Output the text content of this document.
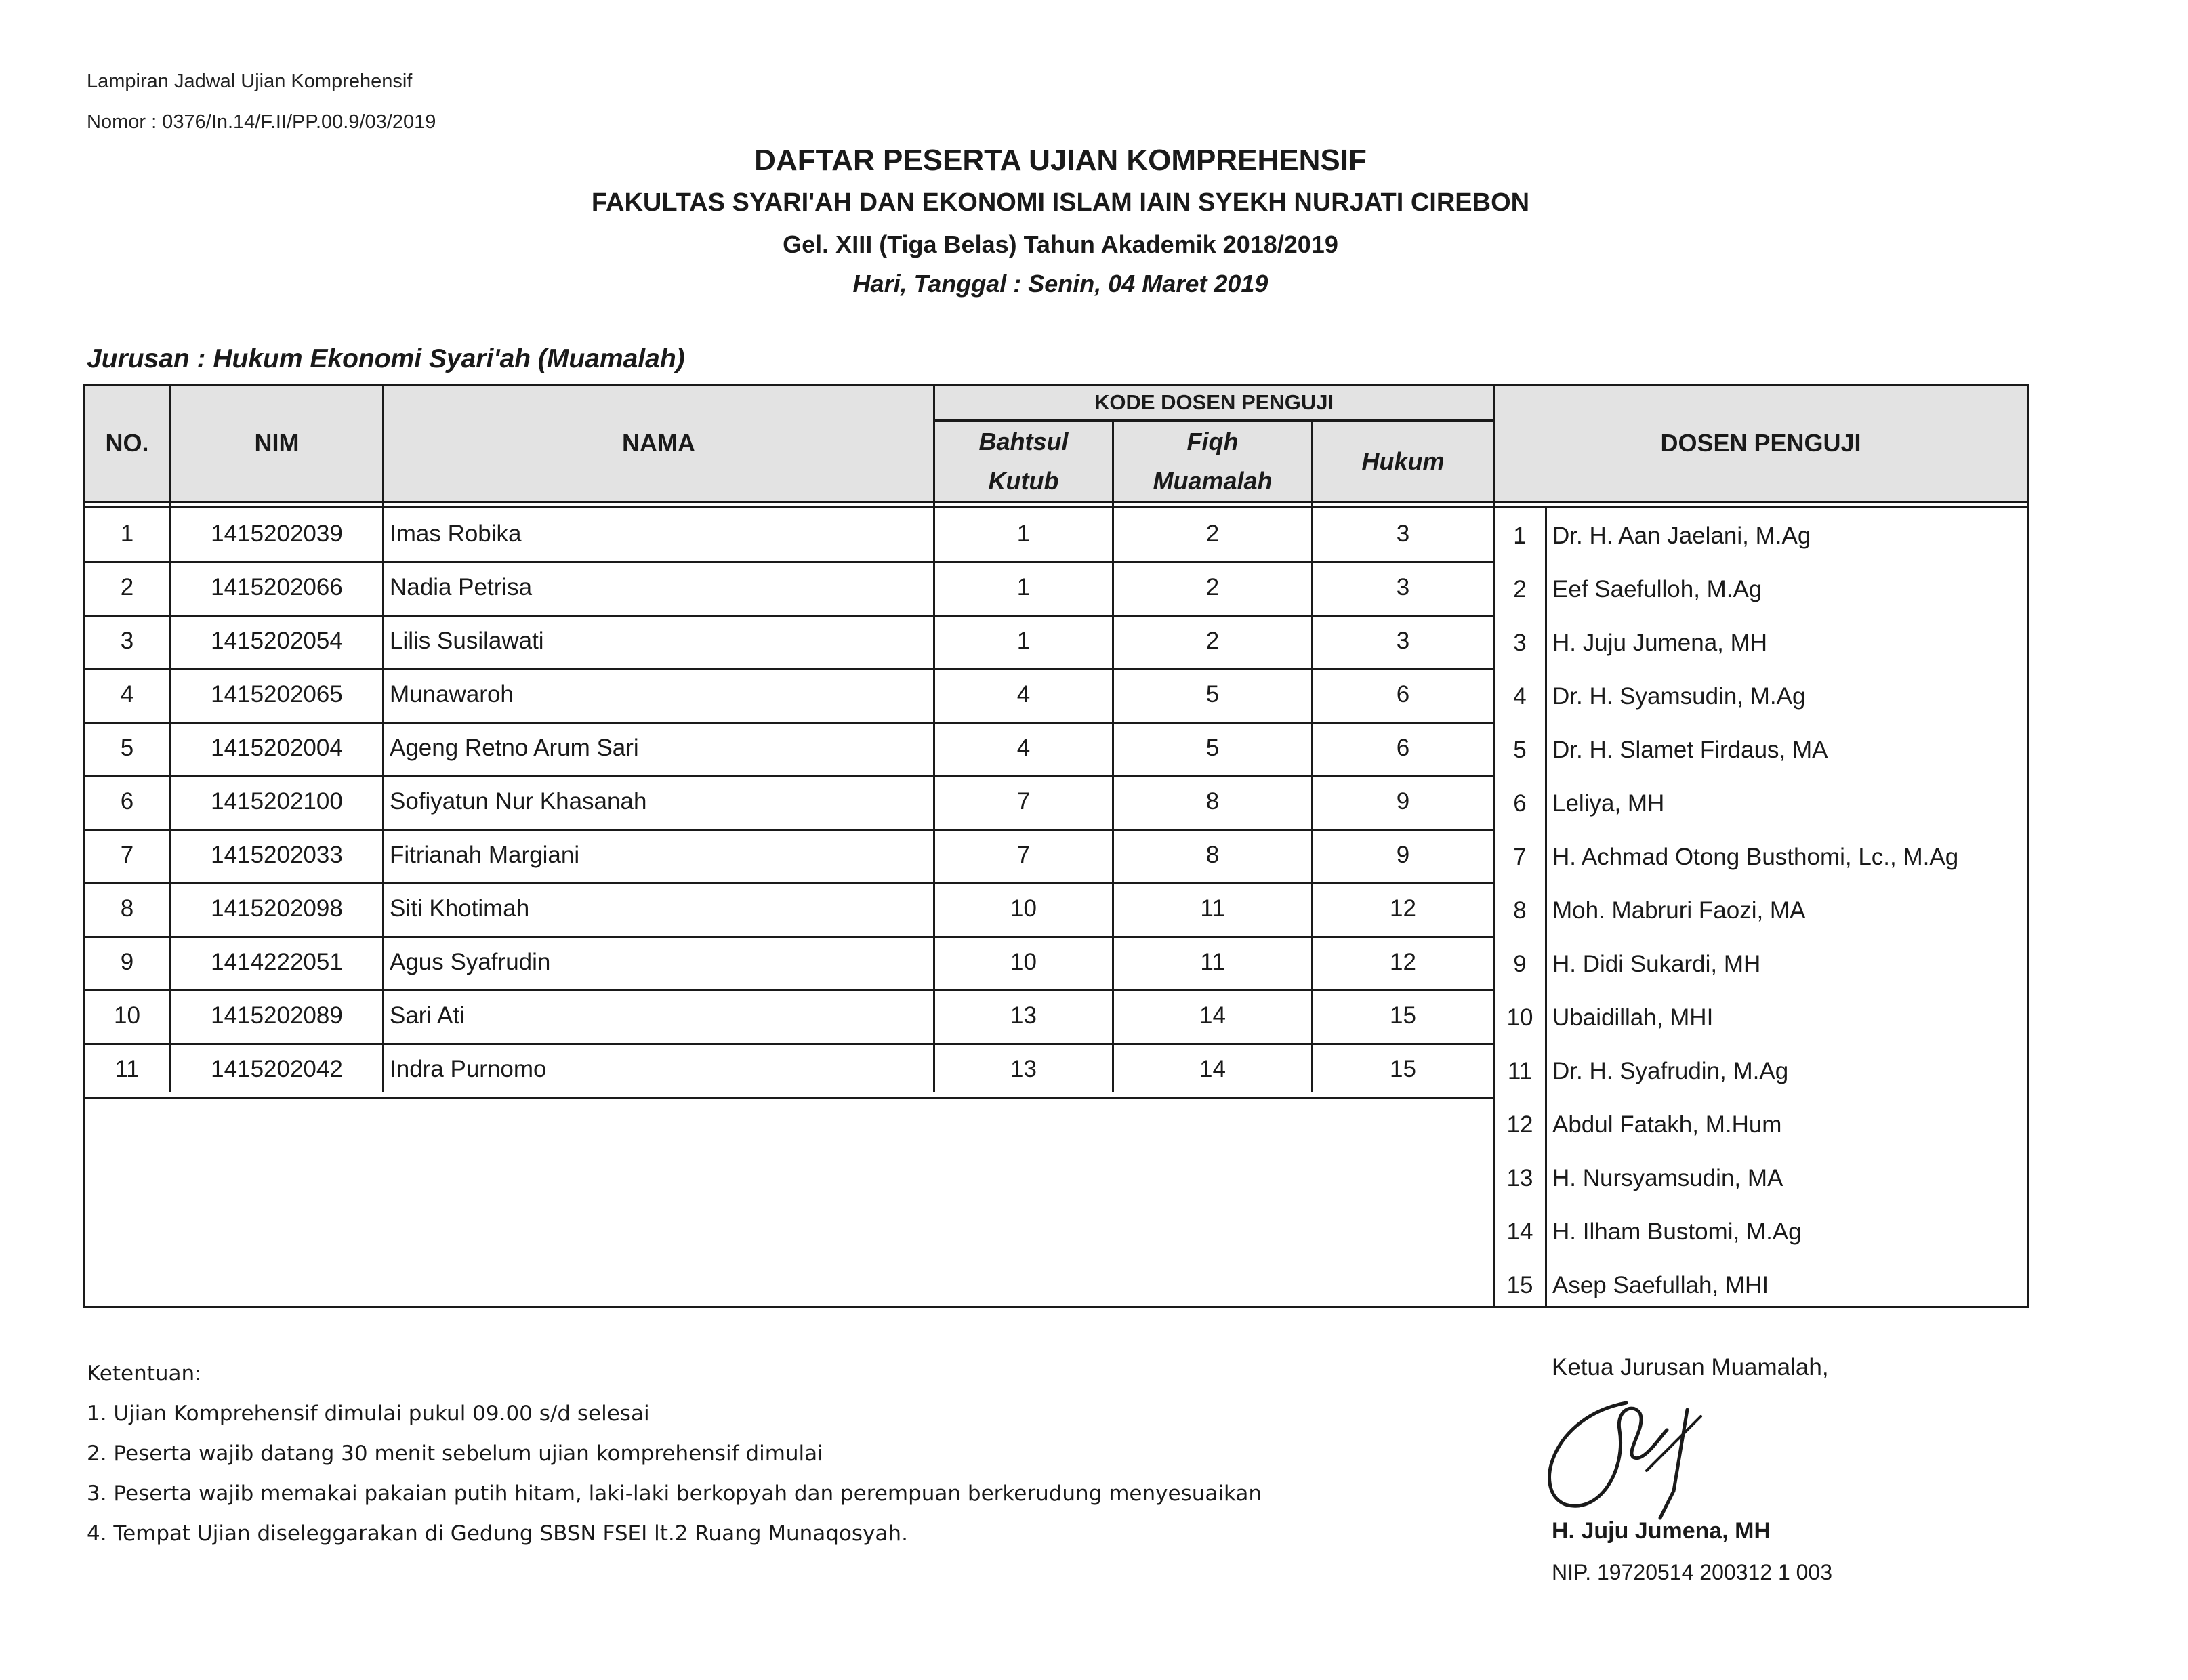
Lampiran Jadwal Ujian Komprehensif
Nomor : 0376/In.14/F.II/PP.00.9/03/2019
DAFTAR PESERTA UJIAN KOMPREHENSIF
FAKULTAS SYARI'AH DAN EKONOMI ISLAM IAIN SYEKH NURJATI CIREBON
Gel. XIII (Tiga Belas) Tahun Akademik 2018/2019
Hari, Tanggal : Senin, 04 Maret 2019
Jurusan : Hukum Ekonomi Syari'ah (Muamalah)
NO.	NIM	NAMA
KODE DOSEN PENGUJI
Bahtsul
Kutub
Fiqh
Muamalah
Hukum
DOSEN PENGUJI
1	1415202039	Imas Robika	1	2	3
2	1415202066	Nadia Petrisa	1	2	3
3	1415202054	Lilis Susilawati	1	2	3
4	1415202065	Munawaroh	4	5	6
5	1415202004	Ageng Retno Arum Sari	4	5	6
6	1415202100	Sofiyatun Nur Khasanah	7	8	9
7	1415202033	Fitrianah Margiani	7	8	9
8	1415202098	Siti Khotimah	10	11	12
9	1414222051	Agus Syafrudin	10	11	12
10	1415202089	Sari Ati	13	14	15
11	1415202042	Indra Purnomo	13	14	15
1	Dr. H. Aan Jaelani, M.Ag
2	Eef Saefulloh, M.Ag
3	H. Juju Jumena, MH
4	Dr. H. Syamsudin, M.Ag
5	Dr. H. Slamet Firdaus, MA
6	Leliya, MH
7	H. Achmad Otong Busthomi, Lc., M.Ag
8	Moh. Mabruri Faozi, MA
9	H. Didi Sukardi, MH
10 Ubaidillah, MHI
11 Dr. H. Syafrudin, M.Ag
12 Abdul Fatakh, M.Hum
13 H. Nursyamsudin, MA
14 H. Ilham Bustomi, M.Ag
15 Asep Saefullah, MHI
Ketentuan:
1. Ujian Komprehensif dimulai pukul 09.00 s/d selesai
2. Peserta wajib datang 30 menit sebelum ujian komprehensif dimulai
3. Peserta wajib memakai pakaian putih hitam, laki-laki berkopyah dan perempuan berkerudung menyesuaikan
4. Tempat Ujian diseleggarakan di Gedung SBSN FSEI lt.2 Ruang Munaqosyah.
Ketua Jurusan Muamalah,
H. Juju Jumena, MH
NIP. 19720514 200312 1 003
